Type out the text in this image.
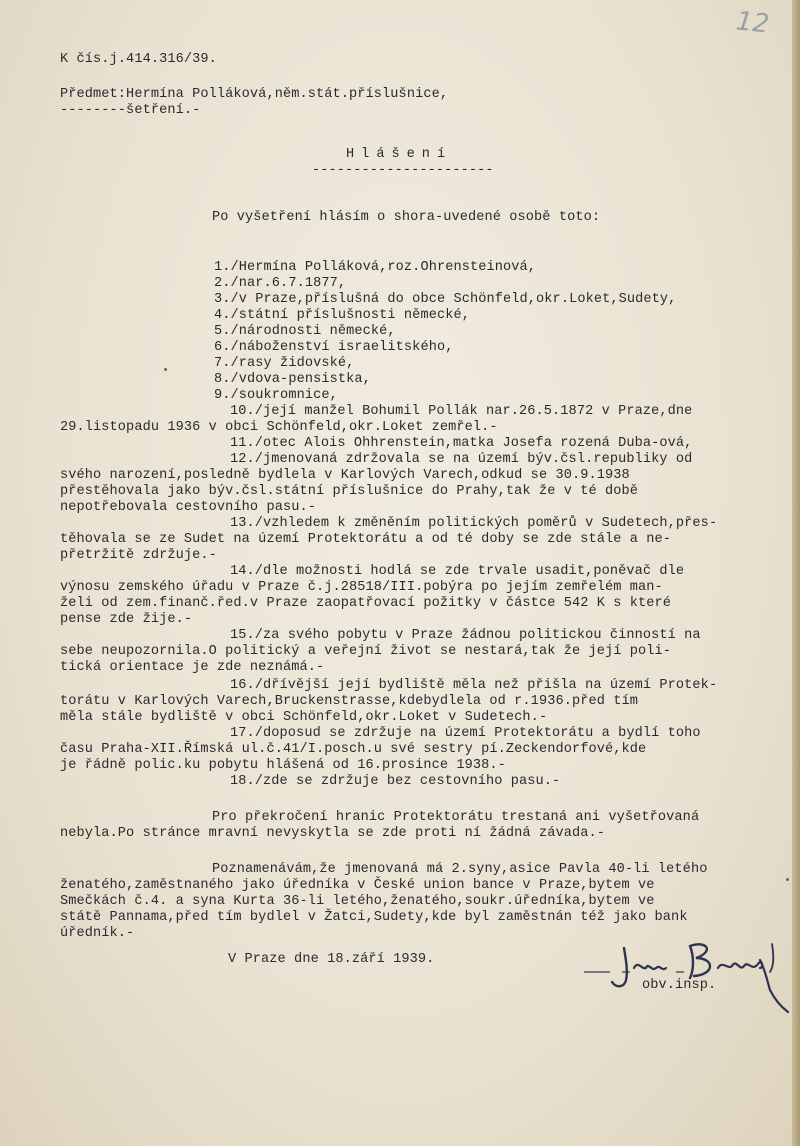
12

K čís.j.414.316/39.

Předmet:Hermína Polláková,něm.stát.příslušnice,

--------šetření.-

Hlášení

----------------------

Po vyšetření hlásím o shora-uvedené osobě toto:

1./Hermína Polláková,roz.Ohrensteinová,

2./nar.6.7.1877,

3./v Praze,příslušná do obce Schönfeld,okr.Loket,Sudety,

4./státní příslušnosti německé,

5./národnosti německé,

6./náboženství israelitského,

7./rasy židovské,

8./vdova-pensistka,

9./soukromnice,

10./její manžel Bohumil Pollák nar.26.5.1872 v Praze,dne

29.listopadu 1936 v obci Schönfeld,okr.Loket zemřel.-

11./otec Alois Ohhrenstein,matka Josefa rozená Duba-ová,

12./jmenovaná zdržovala se na území býv.čsl.republiky od

svého narození,posledně bydlela v Karlových Varech,odkud se 30.9.1938

přestěhovala jako býv.čsl.státní příslušnice do Prahy,tak že v té době

nepotřebovala cestovního pasu.-

13./vzhledem k změněním politických poměrů v Sudetech,přes-

těhovala se ze Sudet na území Protektorátu a od té doby se zde stále a ne-

přetržitě zdržuje.-

14./dle možnosti hodlá se zde trvale usadit,poněvač dle

výnosu zemského úřadu v Praze č.j.28518/III.pobýra po jejím zemřelém man-

želi od zem.finanč.řed.v Praze zaopatřovací požitky v částce 542 K s které

pense zde žije.-

15./za svého pobytu v Praze žádnou politickou činností na

sebe neupozornila.O politický a veřejní život se nestará,tak že její poli-

tická orientace je zde neznámá.-

16./dřívější její bydliště měla než přišla na území Protek-

torátu v Karlových Varech,Bruckenstrasse,kdebydlela od r.1936.před tím

měla stále bydliště v obci Schönfeld,okr.Loket v Sudetech.-

17./doposud se zdržuje na území Protektorátu a bydlí toho

času Praha-XII.Římská ul.č.41/I.posch.u své sestry pí.Zeckendorfové,kde

je řádně polic.ku pobytu hlášená od 16.prosince 1938.-

18./zde se zdržuje bez cestovního pasu.-

Pro překročení hranic Protektorátu trestaná ani vyšetřovaná

nebyla.Po stránce mravní nevyskytla se zde proti ní žádná závada.-

Poznamenávám,že jmenovaná má 2.syny,asice Pavla 40-li letého

ženatého,zaměstnaného jako úředníka v České union bance v Praze,bytem ve

Smečkách č.4. a syna Kurta 36-li letého,ženatého,soukr.úředníka,bytem ve

státě Pannama,před tím bydlel v Žatci,Sudety,kde byl zaměstnán též jako bank

úředník.-

V Praze dne 18.září 1939.

obv.insp.
